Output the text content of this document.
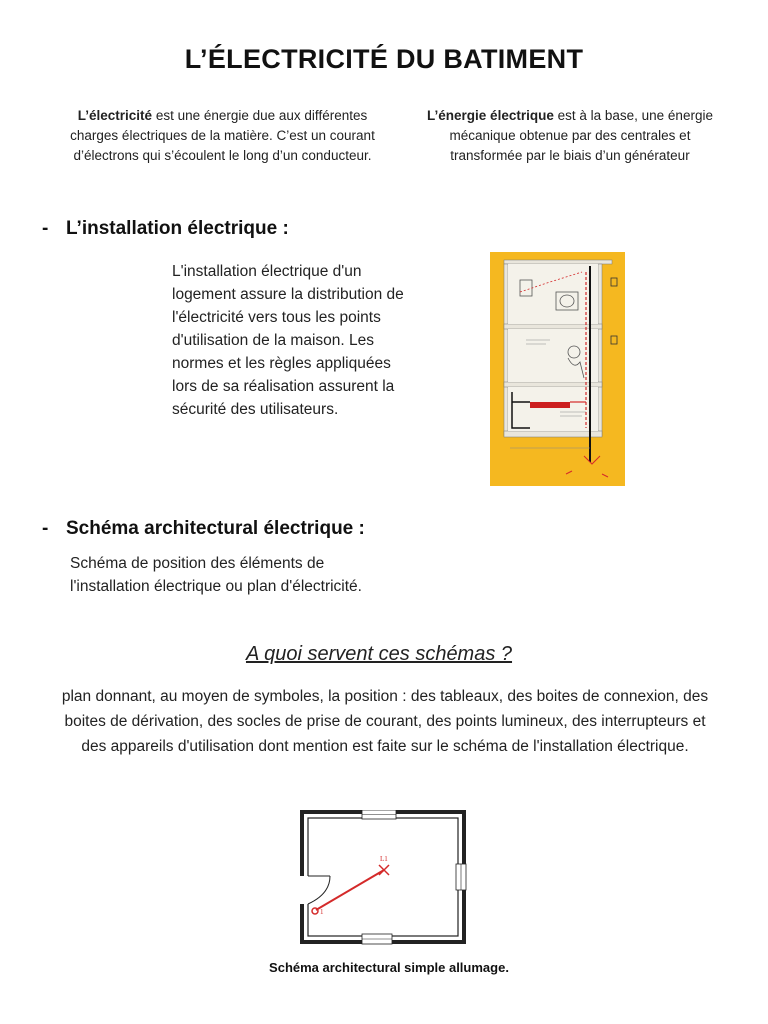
L’ÉLECTRICITÉ DU BATIMENT
L’électricité est une énergie due aux différentes charges électriques de la matière. C’est un courant d’électrons qui s’écoulent le long d’un conducteur.
L’énergie électrique est à la base, une énergie mécanique obtenue par des centrales et transformée par le biais d’un générateur
- L’installation électrique :
L'installation électrique d'un logement assure la distribution de l'électricité vers tous les points d'utilisation de la maison. Les normes et les règles appliquées lors de sa réalisation assurent la sécurité des utilisateurs.
- Schéma architectural électrique :
Schéma de position des éléments de l'installation électrique ou plan d'électricité.
A quoi servent ces schémas ?
plan donnant, au moyen de symboles, la position : des tableaux, des boites de connexion, des boites de dérivation, des socles de prise de courant, des points lumineux, des interrupteurs et des appareils d'utilisation dont mention est faite sur le schéma de l'installation électrique.
L1
1
Schéma architectural simple allumage.
